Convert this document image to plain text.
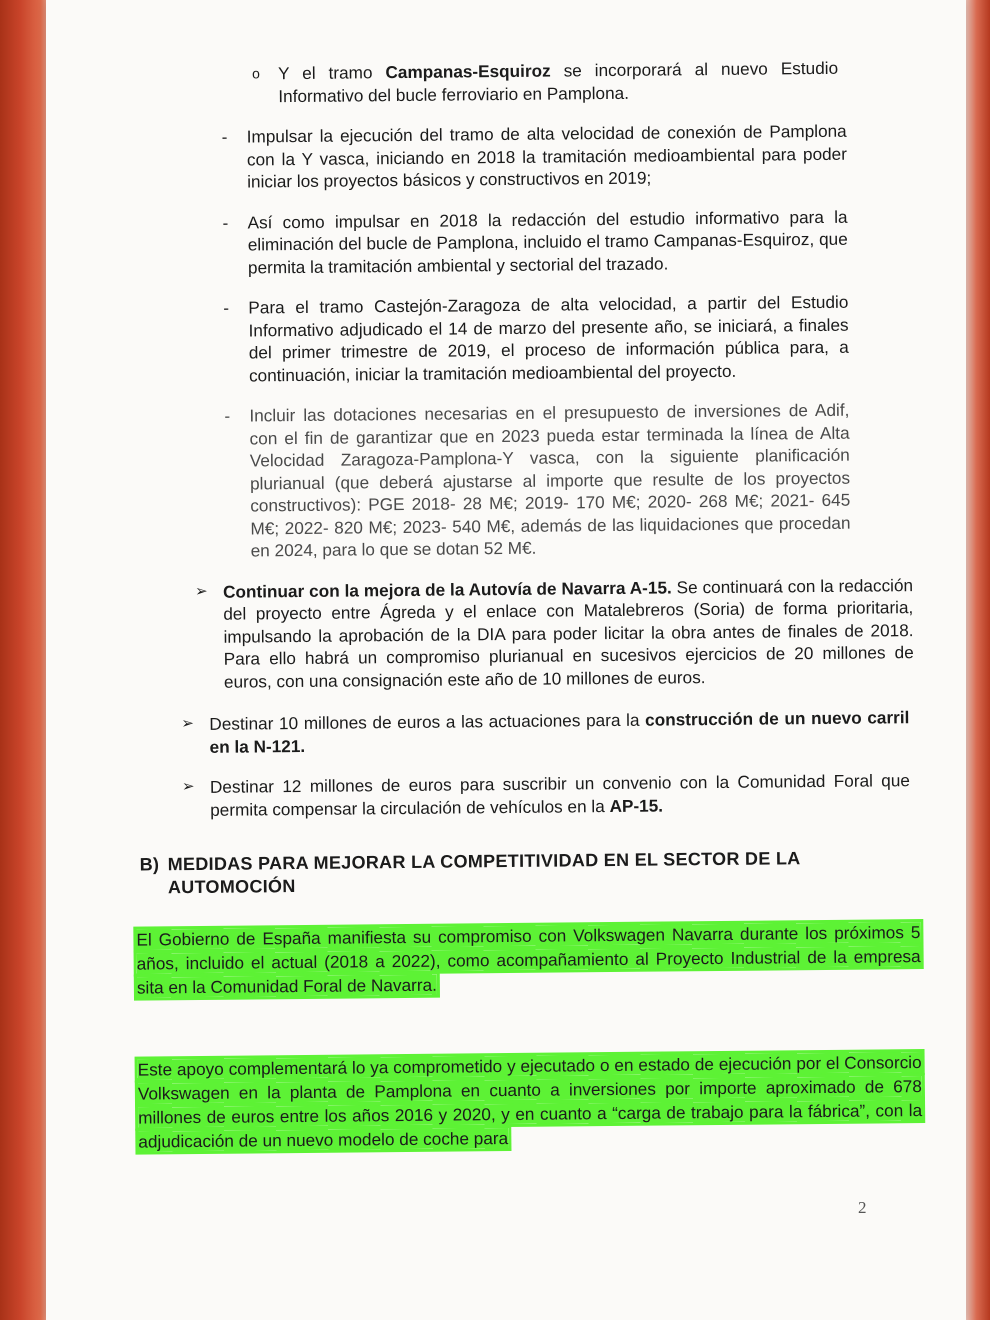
o Y el tramo Campanas-Esquiroz se incorporará al nuevo Estudio Informativo del bucle ferroviario en Pamplona.
- Impulsar la ejecución del tramo de alta velocidad de conexión de Pamplona con la Y vasca, iniciando en 2018 la tramitación medioambiental para poder iniciar los proyectos básicos y constructivos en 2019;
- Así como impulsar en 2018 la redacción del estudio informativo para la eliminación del bucle de Pamplona, incluido el tramo Campanas-Esquiroz, que permita la tramitación ambiental y sectorial del trazado.
- Para el tramo Castejón-Zaragoza de alta velocidad, a partir del Estudio Informativo adjudicado el 14 de marzo del presente año, se iniciará, a finales del primer trimestre de 2019, el proceso de información pública para, a continuación, iniciar la tramitación medioambiental del proyecto.
- Incluir las dotaciones necesarias en el presupuesto de inversiones de Adif, con el fin de garantizar que en 2023 pueda estar terminada la línea de Alta Velocidad Zaragoza-Pamplona-Y vasca, con la siguiente planificación plurianual (que deberá ajustarse al importe que resulte de los proyectos constructivos): PGE 2018- 28 M€; 2019- 170 M€; 2020- 268 M€; 2021- 645 M€; 2022- 820 M€; 2023- 540 M€, además de las liquidaciones que procedan en 2024, para lo que se dotan 52 M€.
➢ Continuar con la mejora de la Autovía de Navarra A-15. Se continuará con la redacción del proyecto entre Ágreda y el enlace con Matalebreros (Soria) de forma prioritaria, impulsando la aprobación de la DIA para poder licitar la obra antes de finales de 2018. Para ello habrá un compromiso plurianual en sucesivos ejercicios de 20 millones de euros, con una consignación este año de 10 millones de euros.
➢ Destinar 10 millones de euros a las actuaciones para la construcción de un nuevo carril en la N-121.
➢ Destinar 12 millones de euros para suscribir un convenio con la Comunidad Foral que permita compensar la circulación de vehículos en la AP-15.
B) MEDIDAS PARA MEJORAR LA COMPETITIVIDAD EN EL SECTOR DE LA
AUTOMOCIÓN
El Gobierno de España manifiesta su compromiso con Volkswagen Navarra durante los próximos 5 años, incluido el actual (2018 a 2022), como acompañamiento al Proyecto Industrial de la empresa sita en la Comunidad Foral de Navarra.
Este apoyo complementará lo ya comprometido y ejecutado o en estado de ejecución por el Consorcio Volkswagen en la planta de Pamplona en cuanto a inversiones por importe aproximado de 678 millones de euros entre los años 2016 y 2020, y en cuanto a “carga de trabajo para la fábrica”, con la adjudicación de un nuevo modelo de coche para
2
